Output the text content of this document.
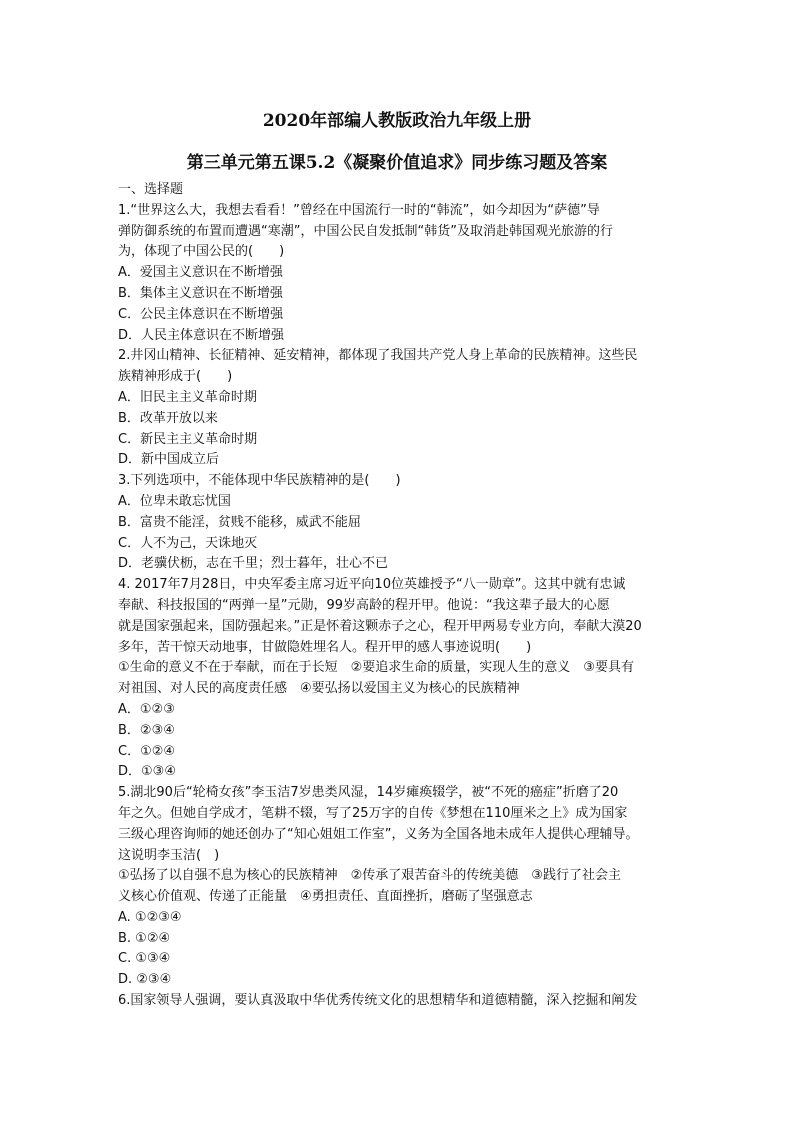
2020年部编人教版政治九年级上册
第三单元第五课5.2《凝聚价值追求》同步练习题及答案
一、选择题
1.“世界这么大，我想去看看！”曾经在中国流行一时的“韩流”，如今却因为“萨德”导
弹防御系统的布置而遭遇“寒潮”，中国公民自发抵制“韩货”及取消赴韩国观光旅游的行
为，体现了中国公民的(　　)
A．爱国主义意识在不断增强
B．集体主义意识在不断增强
C．公民主体意识在不断增强
D．人民主体意识在不断增强
2.井冈山精神、长征精神、延安精神，都体现了我国共产党人身上革命的民族精神。这些民
族精神形成于(　　)
A．旧民主主义革命时期
B．改革开放以来
C．新民主主义革命时期
D．新中国成立后
3.下列选项中，不能体现中华民族精神的是(　　)
A．位卑未敢忘忧国
B．富贵不能淫，贫贱不能移，威武不能屈
C．人不为己，天诛地灭
D．老骥伏枥，志在千里；烈士暮年，壮心不已
4. 2017年7月28日，中央军委主席习近平向10位英雄授予“八一勋章”。这其中就有忠诚
奉献、科技报国的“两弹一星”元勋，99岁高龄的程开甲。他说：“我这辈子最大的心愿
就是国家强起来，国防强起来。”正是怀着这颗赤子之心，程开甲两易专业方向，奉献大漠20
多年，苦干惊天动地事，甘做隐姓埋名人。程开甲的感人事迹说明(　　)
①生命的意义不在于奉献，而在于长短　②要追求生命的质量，实现人生的意义　③要具有
对祖国、对人民的高度责任感　④要弘扬以爱国主义为核心的民族精神
A．①②③
B．②③④
C．①②④
D．①③④
5.湖北90后“轮椅女孩”李玉洁7岁患类风湿，14岁瘫痪辍学，被“不死的癌症”折磨了20
年之久。但她自学成才，笔耕不辍，写了25万字的自传《梦想在110厘米之上》成为国家
三级心理咨询师的她还创办了“知心姐姐工作室”，义务为全国各地未成年人提供心理辅导。
这说明李玉洁(　)
①弘扬了以自强不息为核心的民族精神　②传承了艰苦奋斗的传统美德　③践行了社会主
义核心价值观、传递了正能量　④勇担责任、直面挫折，磨砺了坚强意志
A. ①②③④
B. ①②④
C. ①③④
D. ②③④
6.国家领导人强调，要认真汲取中华优秀传统文化的思想精华和道德精髓，深入挖掘和阐发
